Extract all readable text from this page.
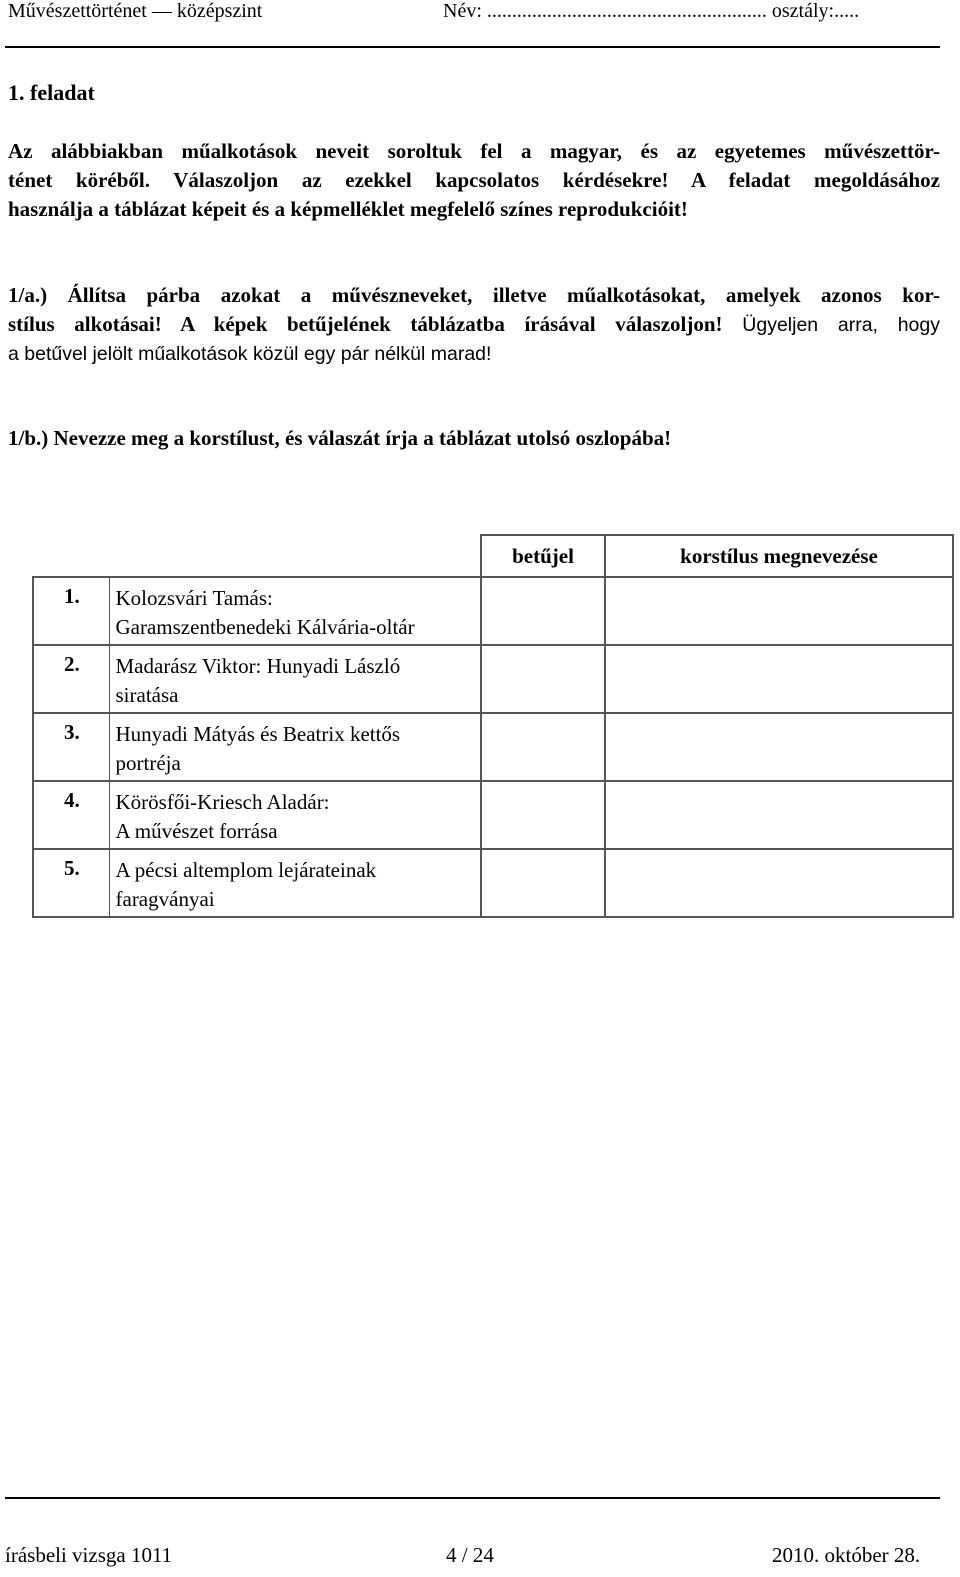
Művészettörténet — középszint	Név: ........................................................ osztály:.....
1. feladat
Az alábbiakban műalkotások neveit soroltuk fel a magyar, és az egyetemes művészettör-
ténet köréből. Válaszoljon az ezekkel kapcsolatos kérdésekre! A feladat megoldásához
használja a táblázat képeit és a képmelléklet megfelelő színes reprodukcióit!
1/a.) Állítsa párba azokat a művészneveket, illetve műalkotásokat, amelyek azonos kor-
stílus alkotásai! A képek betűjelének táblázatba írásával válaszoljon! Ügyeljen arra, hogy
a betűvel jelölt műalkotások közül egy pár nélkül marad!
1/b.) Nevezze meg a korstílust, és válaszát írja a táblázat utolsó oszlopába!
		betűjel	korstílus megnevezése
1.	Kolozsvári Tamás:
Garamszentbenedeki Kálvária-oltár		

2.	Madarász Viktor: Hunyadi László
siratása		

3.	Hunyadi Mátyás és Beatrix kettős
portréja		

4.	Körösfői-Kriesch Aladár:
A művészet forrása		

5.	A pécsi altemplom lejárateinak
faragványai		

írásbeli vizsga 1011	4 / 24	2010. október 28.
